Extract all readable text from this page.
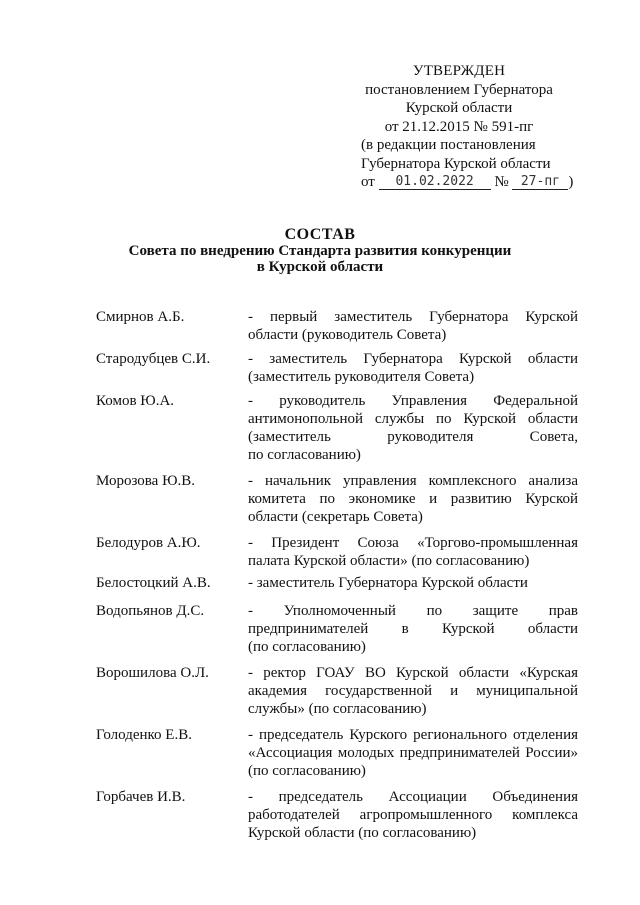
УТВЕРЖДЕН
постановлением Губернатора
Курской области
от 21.12.2015 № 591-пг
(в редакции постановления
Губернатора Курской области
от 01.02.2022 № 27-пг )
СОСТАВ
Совета по внедрению Стандарта развития конкуренции
в Курской области
Смирнов А.Б.	- первый заместитель Губернатора Курской
области (руководитель Совета)
Стародубцев С.И.	- заместитель Губернатора Курской области
(заместитель руководителя Совета)
Комов Ю.А.	- руководитель Управления Федеральной
антимонопольной службы по Курской области
(заместитель руководителя Совета,
по согласованию)
Морозова Ю.В.	- начальник управления комплексного анализа
комитета по экономике и развитию Курской
области (секретарь Совета)
Белодуров А.Ю.	- Президент Союза «Торгово-промышленная
палата Курской области» (по согласованию)
Белостоцкий А.В.	- заместитель Губернатора Курской области
Водопьянов Д.С.	- Уполномоченный по защите прав
предпринимателей в Курской области
(по согласованию)
Ворошилова О.Л.	- ректор ГОАУ ВО Курской области «Курская
академия государственной и муниципальной
службы» (по согласованию)
Голоденко Е.В.	- председатель Курского регионального отделения
«Ассоциация молодых предпринимателей России»
(по согласованию)
Горбачев И.В.	- председатель Ассоциации Объединения
работодателей агропромышленного комплекса
Курской области (по согласованию)
